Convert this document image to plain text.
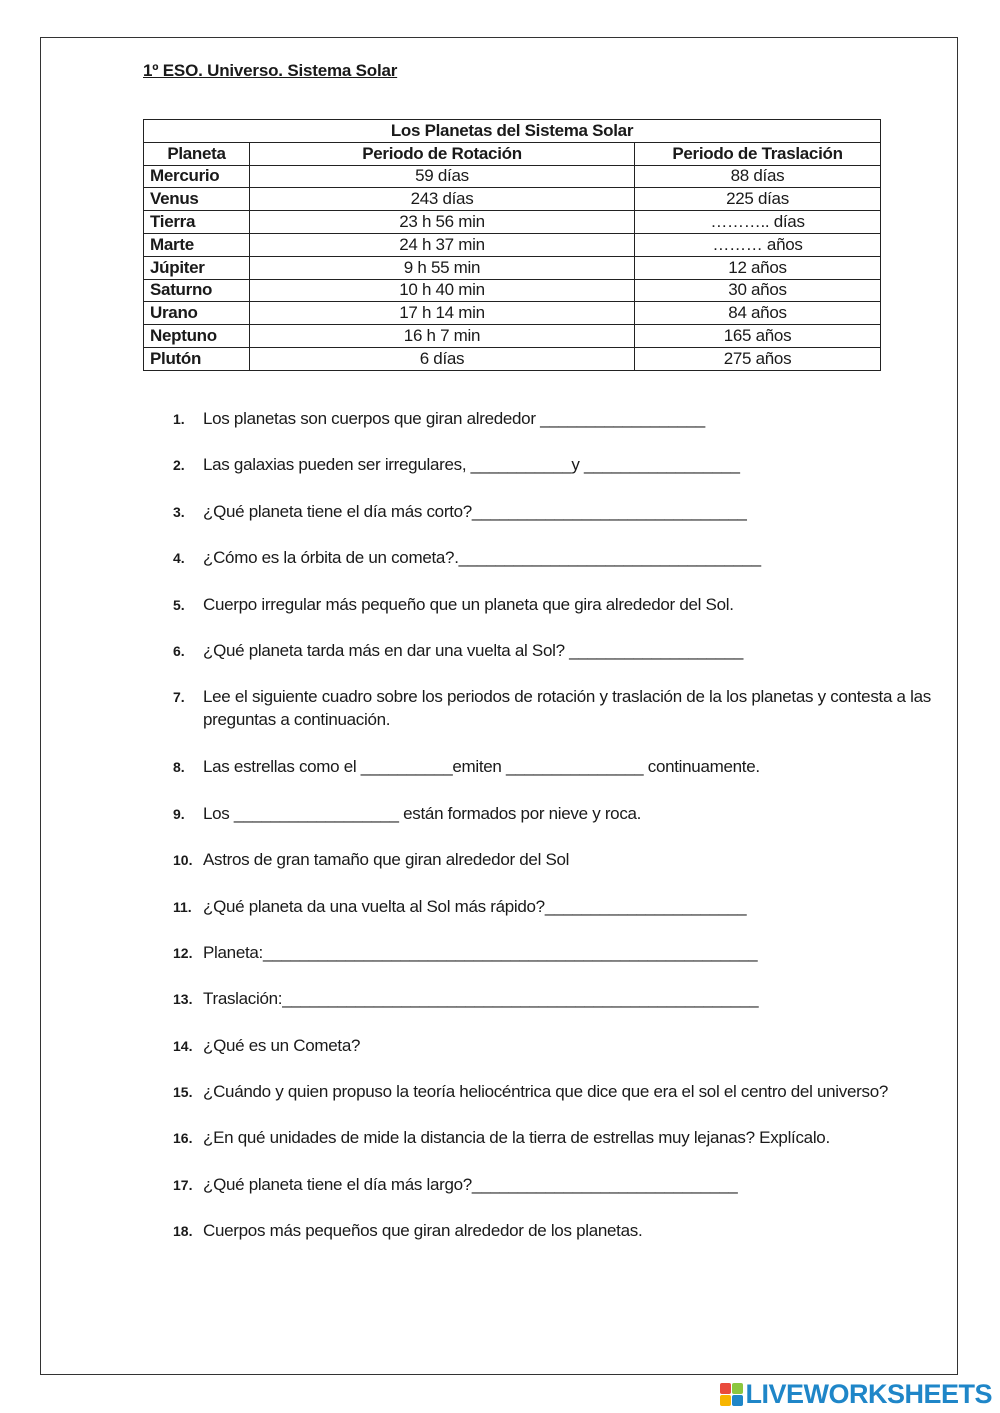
1º ESO. Universo. Sistema Solar
Los Planetas del Sistema Solar		
Planeta	Periodo de Rotación	Periodo de Traslación
Mercurio	59 días	88 días
Venus	243 días	225 días
Tierra	23 h 56 min	……….. días
Marte	24 h 37 min	……… años
Júpiter	9 h 55 min	12 años
Saturno	10 h 40 min	30 años
Urano	17 h 14 min	84 años
Neptuno	16 h 7 min	165 años
Plutón	6 días	275 años
1. Los planetas son cuerpos que giran alrededor __________________
2. Las galaxias pueden ser irregulares, ___________y _________________
3. ¿Qué planeta tiene el día más corto?______________________________
4. ¿Cómo es la órbita de un cometa?._________________________________
5. Cuerpo irregular más pequeño que un planeta que gira alrededor del Sol.
6. ¿Qué planeta tarda más en dar una vuelta al Sol? ___________________
7. Lee el siguiente cuadro sobre los periodos de rotación y traslación de la los planetas y contesta a las preguntas a continuación.
8. Las estrellas como el __________emiten _______________ continuamente.
9. Los __________________ están formados por nieve y roca.
10. Astros de gran tamaño que giran alrededor del Sol
11. ¿Qué planeta da una vuelta al Sol más rápido?______________________
12. Planeta:______________________________________________________
13. Traslación:____________________________________________________
14. ¿Qué es un Cometa?
15. ¿Cuándo y quien propuso la teoría heliocéntrica que dice que era el sol el centro del universo?
16. ¿En qué unidades de mide la distancia de la tierra de estrellas muy lejanas? Explícalo.
17. ¿Qué planeta tiene el día más largo?_____________________________
18. Cuerpos más pequeños que giran alrededor de los planetas.
LIVEWORKSHEETS
